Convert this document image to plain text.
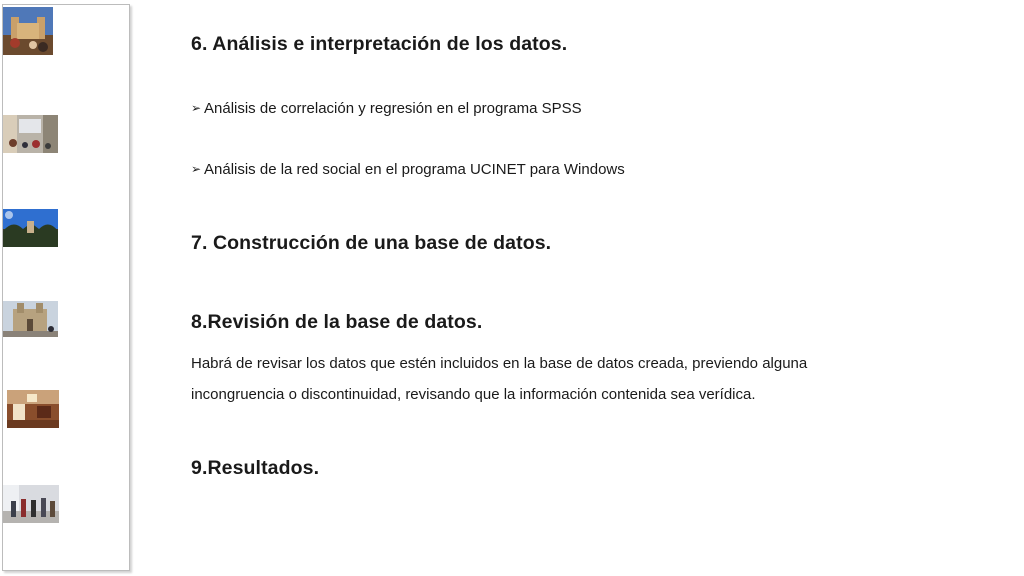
6. Análisis e interpretación de los datos.

➢ Análisis de correlación y regresión en el programa SPSS

➢ Análisis de la red social en el programa UCINET para Windows

7. Construcción de una base de datos.
8.Revisión de la base de datos.
Habrá de revisar los datos que estén incluidos en la base de datos creada, previendo alguna
incongruencia o discontinuidad, revisando que la información contenida sea verídica.
9.Resultados.
